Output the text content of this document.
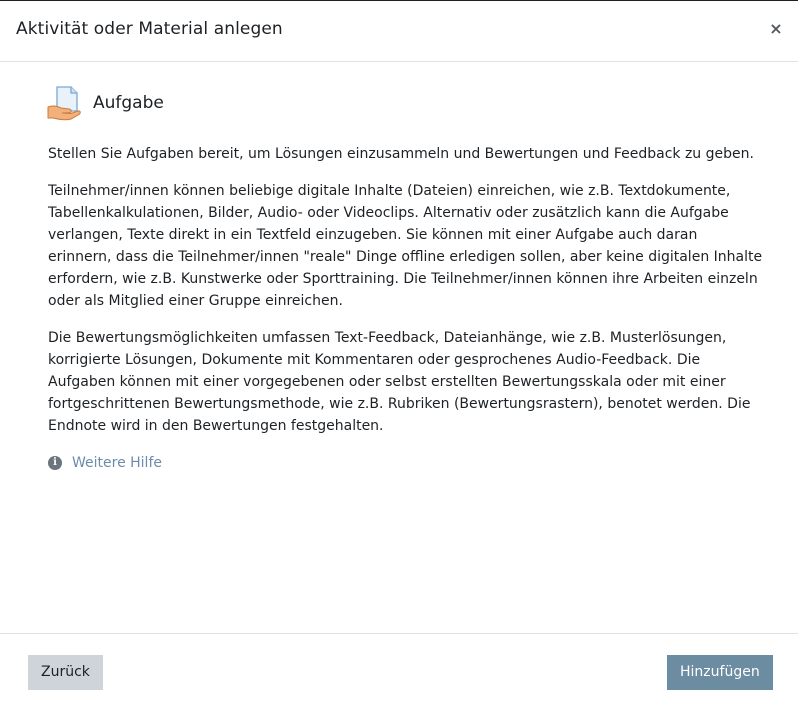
Aktivität oder Material anlegen	×
Aufgabe

Stellen Sie Aufgaben bereit, um Lösungen einzusammeln und Bewertungen und Feedback zu geben.

Teilnehmer/innen können beliebige digitale Inhalte (Dateien) einreichen, wie z.B. Textdokumente, Tabellenkalkulationen, Bilder, Audio- oder Videoclips. Alternativ oder zusätzlich kann die Aufgabe verlangen, Texte direkt in ein Textfeld einzugeben. Sie können mit einer Aufgabe auch daran erinnern, dass die Teilnehmer/innen "reale" Dinge offline erledigen sollen, aber keine digitalen Inhalte erfordern, wie z.B. Kunstwerke oder Sporttraining. Die Teilnehmer/innen können ihre Arbeiten einzeln oder als Mitglied einer Gruppe einreichen.

Die Bewertungsmöglichkeiten umfassen Text-Feedback, Dateianhänge, wie z.B. Musterlösungen, korrigierte Lösungen, Dokumente mit Kommentaren oder gesprochenes Audio-Feedback. Die Aufgaben können mit einer vorgegebenen oder selbst erstellten Bewertungsskala oder mit einer fortgeschrittenen Bewertungsmethode, wie z.B. Rubriken (Bewertungsrastern), benotet werden. Die Endnote wird in den Bewertungen festgehalten.

i	Weitere Hilfe
Zurück	Hinzufügen
